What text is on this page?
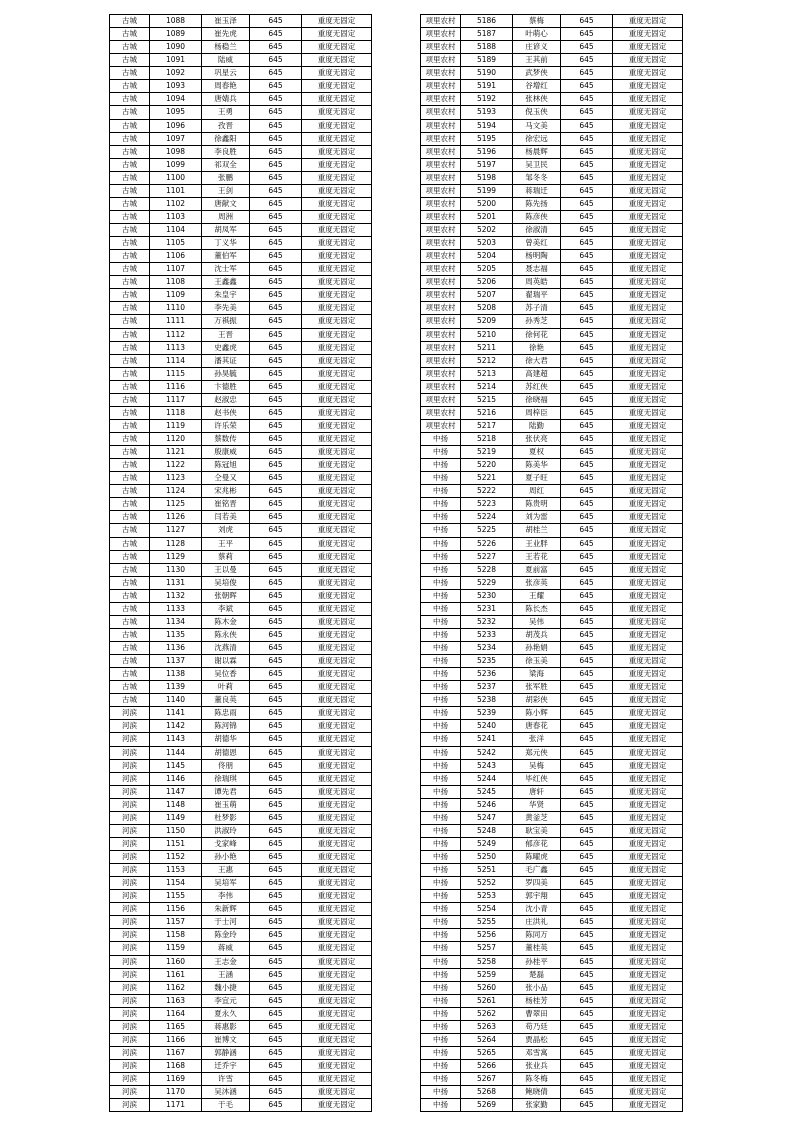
古城	1088	崔玉泽	645	重度无固定
古城	1089	崔先虎	645	重度无固定
古城	1090	杨稳兰	645	重度无固定
古城	1091	陆威	645	重度无固定
古城	1092	巩星云	645	重度无固定
古城	1093	周春艳	645	重度无固定
古城	1094	唐婧兵	645	重度无固定
古城	1095	王勇	645	重度无固定
古城	1096	孜晋	645	重度无固定
古城	1097	徐鑫阳	645	重度无固定
古城	1098	李良胜	645	重度无固定
古城	1099	祁双全	645	重度无固定
古城	1100	张鹏	645	重度无固定
古城	1101	王剑	645	重度无固定
古城	1102	唐献文	645	重度无固定
古城	1103	周洲	645	重度无固定
古城	1104	胡凤军	645	重度无固定
古城	1105	丁义华	645	重度无固定
古城	1106	董伯军	645	重度无固定
古城	1107	沈士军	645	重度无固定
古城	1108	王鑫鑫	645	重度无固定
古城	1109	朱皇宇	645	重度无固定
古城	1110	李先美	645	重度无固定
古城	1111	万祺振	645	重度无固定
古城	1112	王晋	645	重度无固定
古城	1113	史鑫虎	645	重度无固定
古城	1114	潘其证	645	重度无固定
古城	1115	孙昊毓	645	重度无固定
古城	1116	卞德胜	645	重度无固定
古城	1117	赵淑忠	645	重度无固定
古城	1118	赵书侠	645	重度无固定
古城	1119	许乐荣	645	重度无固定
古城	1120	蔡数传	645	重度无固定
古城	1121	殷康威	645	重度无固定
古城	1122	陈冠旭	645	重度无固定
古城	1123	仝曼又	645	重度无固定
古城	1124	宋兆彬	645	重度无固定
古城	1125	崔铭晋	645	重度无固定
古城	1126	闫若美	645	重度无固定
古城	1127	刘虎	645	重度无固定
古城	1128	王平	645	重度无固定
古城	1129	蔡莉	645	重度无固定
古城	1130	王以曼	645	重度无固定
古城	1131	吴培俊	645	重度无固定
古城	1132	张朝晖	645	重度无固定
古城	1133	李斌	645	重度无固定
古城	1134	陈木金	645	重度无固定
古城	1135	陈永侠	645	重度无固定
古城	1136	沈燕清	645	重度无固定
古城	1137	谢以霖	645	重度无固定
古城	1138	吴位香	645	重度无固定
古城	1139	叶莉	645	重度无固定
古城	1140	董良英	645	重度无固定
河滨	1141	陈忠雨	645	重度无固定
河滨	1142	陈河锦	645	重度无固定
河滨	1143	胡德华	645	重度无固定
河滨	1144	胡德恩	645	重度无固定
河滨	1145	佟朋	645	重度无固定
河滨	1146	徐瑞琪	645	重度无固定
河滨	1147	谭先君	645	重度无固定
河滨	1148	崔玉萌	645	重度无固定
河滨	1149	杜梦影	645	重度无固定
河滨	1150	洪淑玲	645	重度无固定
河滨	1151	戈家峰	645	重度无固定
河滨	1152	孙小艳	645	重度无固定
河滨	1153	王惠	645	重度无固定
河滨	1154	吴培军	645	重度无固定
河滨	1155	李伟	645	重度无固定
河滨	1156	朱新辉	645	重度无固定
河滨	1157	于士河	645	重度无固定
河滨	1158	陈金玲	645	重度无固定
河滨	1159	蒋威	645	重度无固定
河滨	1160	王志金	645	重度无固定
河滨	1161	王涵	645	重度无固定
河滨	1162	魏小捷	645	重度无固定
河滨	1163	李宜元	645	重度无固定
河滨	1164	夏永久	645	重度无固定
河滨	1165	蒋惠影	645	重度无固定
河滨	1166	崔博文	645	重度无固定
河滨	1167	郭静涵	645	重度无固定
河滨	1168	迁乔宇	645	重度无固定
河滨	1169	许雪	645	重度无固定
河滨	1170	吴沐涵	645	重度无固定
河滨	1171	于毛	645	重度无固定
项里农村	5186	蔡梅	645	重度无固定
项里农村	5187	叶萌心	645	重度无固定
项里农村	5188	庄谚义	645	重度无固定
项里农村	5189	王其前	645	重度无固定
项里农村	5190	武梦侠	645	重度无固定
项里农村	5191	谷增红	645	重度无固定
项里农村	5192	张林侠	645	重度无固定
项里农村	5193	倪玉侠	645	重度无固定
项里农村	5194	马文美	645	重度无固定
项里农村	5195	徐宏远	645	重度无固定
项里农村	5196	杨晨辉	645	重度无固定
项里农村	5197	吴卫民	645	重度无固定
项里农村	5198	邹冬冬	645	重度无固定
项里农村	5199	蒋瑞迁	645	重度无固定
项里农村	5200	陈先扬	645	重度无固定
项里农村	5201	陈彦侠	645	重度无固定
项里农村	5202	徐淑清	645	重度无固定
项里农村	5203	曾美红	645	重度无固定
项里农村	5204	杨明陶	645	重度无固定
项里农村	5205	聂志福	645	重度无固定
项里农村	5206	周英皓	645	重度无固定
项里农村	5207	翟瑞平	645	重度无固定
项里农村	5208	苏子清	645	重度无固定
项里农村	5209	孙秀芝	645	重度无固定
项里农村	5210	徐何花	645	重度无固定
项里农村	5211	徐艳	645	重度无固定
项里农村	5212	徐大君	645	重度无固定
项里农村	5213	高建超	645	重度无固定
项里农村	5214	苏红侠	645	重度无固定
项里农村	5215	徐晓福	645	重度无固定
项里农村	5216	周梓臣	645	重度无固定
项里农村	5217	陆勤	645	重度无固定
中扬	5218	张伏亮	645	重度无固定
中扬	5219	夏权	645	重度无固定
中扬	5220	陈美华	645	重度无固定
中扬	5221	夏子旺	645	重度无固定
中扬	5222	周红	645	重度无固定
中扬	5223	陈贵明	645	重度无固定
中扬	5224	刘为雷	645	重度无固定
中扬	5225	胡桂兰	645	重度无固定
中扬	5226	王业胖	645	重度无固定
中扬	5227	王若花	645	重度无固定
中扬	5228	夏前富	645	重度无固定
中扬	5229	张彦英	645	重度无固定
中扬	5230	王耀	645	重度无固定
中扬	5231	陈长杰	645	重度无固定
中扬	5232	吴伟	645	重度无固定
中扬	5233	胡茂兵	645	重度无固定
中扬	5234	孙艳娟	645	重度无固定
中扬	5235	徐玉美	645	重度无固定
中扬	5236	梁海	645	重度无固定
中扬	5237	张军胜	645	重度无固定
中扬	5238	胡彩侠	645	重度无固定
中扬	5239	陈小辉	645	重度无固定
中扬	5240	唐春花	645	重度无固定
中扬	5241	张洋	645	重度无固定
中扬	5242	郑元侠	645	重度无固定
中扬	5243	吴梅	645	重度无固定
中扬	5244	毕红侠	645	重度无固定
中扬	5245	唐轩	645	重度无固定
中扬	5246	华贤	645	重度无固定
中扬	5247	黄釜芝	645	重度无固定
中扬	5248	耿宝美	645	重度无固定
中扬	5249	郁彦花	645	重度无固定
中扬	5250	陈曜虎	645	重度无固定
中扬	5251	毛广鑫	645	重度无固定
中扬	5252	罗四美	645	重度无固定
中扬	5253	郭宇翔	645	重度无固定
中扬	5254	沈小青	645	重度无固定
中扬	5255	庄洪礼	645	重度无固定
中扬	5256	陈同万	645	重度无固定
中扬	5257	董桂英	645	重度无固定
中扬	5258	孙桂平	645	重度无固定
中扬	5259	楚磊	645	重度无固定
中扬	5260	张小品	645	重度无固定
中扬	5261	杨桂芳	645	重度无固定
中扬	5262	曹翠田	645	重度无固定
中扬	5263	苟乃廷	645	重度无固定
中扬	5264	贾晶松	645	重度无固定
中扬	5265	邓雪寓	645	重度无固定
中扬	5266	张业兵	645	重度无固定
中扬	5267	陈冬梅	645	重度无固定
中扬	5268	鲍晓倩	645	重度无固定
中扬	5269	张家勤	645	重度无固定
